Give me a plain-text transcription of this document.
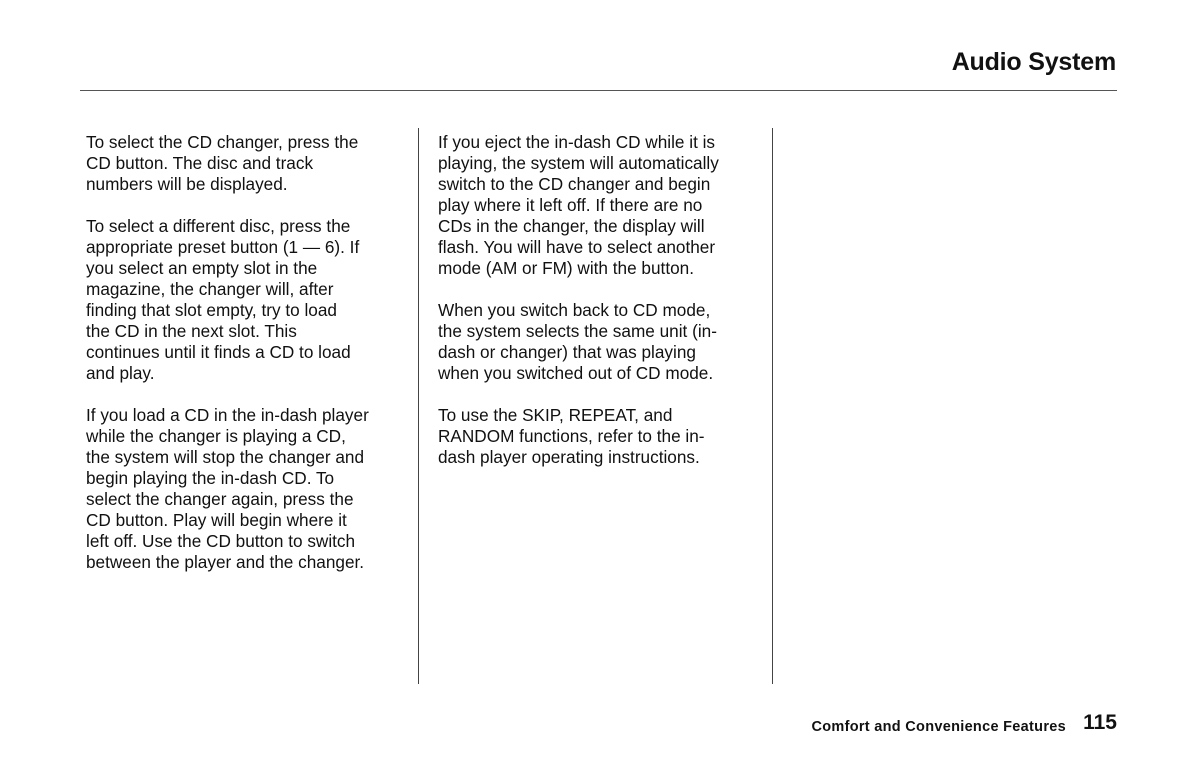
Audio System

To select the CD changer, press the
CD button. The disc and track
numbers will be displayed.

To select a different disc, press the
appropriate preset button (1 — 6). If
you select an empty slot in the
magazine, the changer will, after
finding that slot empty, try to load
the CD in the next slot. This
continues until it finds a CD to load
and play.

If you load a CD in the in-dash player
while the changer is playing a CD,
the system will stop the changer and
begin playing the in-dash CD. To
select the changer again, press the
CD button. Play will begin where it
left off. Use the CD button to switch
between the player and the changer.

If you eject the in-dash CD while it is
playing, the system will automatically
switch to the CD changer and begin
play where it left off. If there are no
CDs in the changer, the display will
flash. You will have to select another
mode (AM or FM) with the button.

When you switch back to CD mode,
the system selects the same unit (in-
dash or changer) that was playing
when you switched out of CD mode.

To use the SKIP, REPEAT, and
RANDOM functions, refer to the in-
dash player operating instructions.

Comfort and Convenience Features 115
